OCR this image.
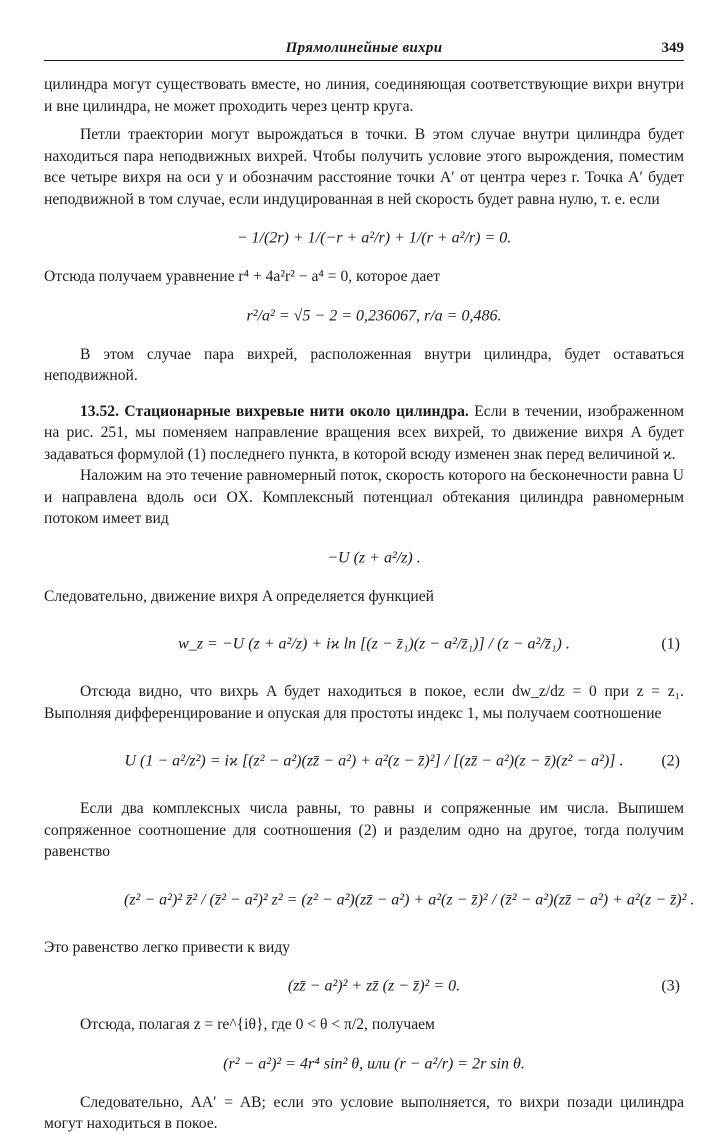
Прямолинейные вихри	349

цилиндра могут существовать вместе, но линия, соединяющая соответствующие вихри внутри и вне цилиндра, не может проходить через центр круга.

Петли траектории могут вырождаться в точки. В этом случае внутри цилиндра будет находиться пара неподвижных вихрей. Чтобы получить условие этого вырождения, поместим все четыре вихря на оси y и обозначим расстояние точки A′ от центра через r. Точка A′ будет неподвижной в том случае, если индуцированная в ней скорость будет равна нулю, т. е. если

− 1/(2r) + 1/(−r + a²/r) + 1/(r + a²/r) = 0.

Отсюда получаем уравнение r⁴ + 4a²r² − a⁴ = 0, которое дает

r²/a² = √5 − 2 = 0,236067, r/a = 0,486.

В этом случае пара вихрей, расположенная внутри цилиндра, будет оставаться неподвижной.

13.52. Стационарные вихревые нити около цилиндра. Если в течении, изображенном на рис. 251, мы поменяем направление вращения всех вихрей, то движение вихря A будет задаваться формулой (1) последнего пункта, в которой всюду изменен знак перед величиной ϰ.

Наложим на это течение равномерный поток, скорость которого на бесконечности равна U и направлена вдоль оси OX. Комплексный потенциал обтекания цилиндра равномерным потоком имеет вид

−U (z + a²/z) .

Следовательно, движение вихря A определяется функцией

w_z = −U (z + a²/z) + iϰ ln [(z − z̄₁)(z − a²/z̄₁)] / (z − a²/z̄₁) .	(1)

Отсюда видно, что вихрь A будет находиться в покое, если dw_z/dz = 0 при z = z₁. Выполняя дифференцирование и опуская для простоты индекс 1, мы получаем соотношение

U (1 − a²/z²) = iϰ [(z² − a²)(zz̄ − a²) + a²(z − z̄)²] / [(zz̄ − a²)(z − z̄)(z² − a²)] . (2)

Если два комплексных числа равны, то равны и сопряженные им числа. Выпишем сопряженное соотношение для соотношения (2) и разделим одно на другое, тогда получим равенство

(z² − a²)² z̄² / (z̄² − a²)² z² = (z² − a²)(zz̄ − a²) + a²(z − z̄)² / (z̄² − a²)(zz̄ − a²) + a²(z − z̄)² .

Это равенство легко привести к виду

(zz̄ − a²)² + zz̄ (z − z̄)² = 0.	(3)

Отсюда, полагая z = re^{iθ}, где 0 < θ < π/2, получаем

(r² − a²)² = 4r⁴ sin² θ, или (r − a²/r) = 2r sin θ.

Следовательно, AA′ = AB; если это условие выполняется, то вихри позади цилиндра могут находиться в покое.
